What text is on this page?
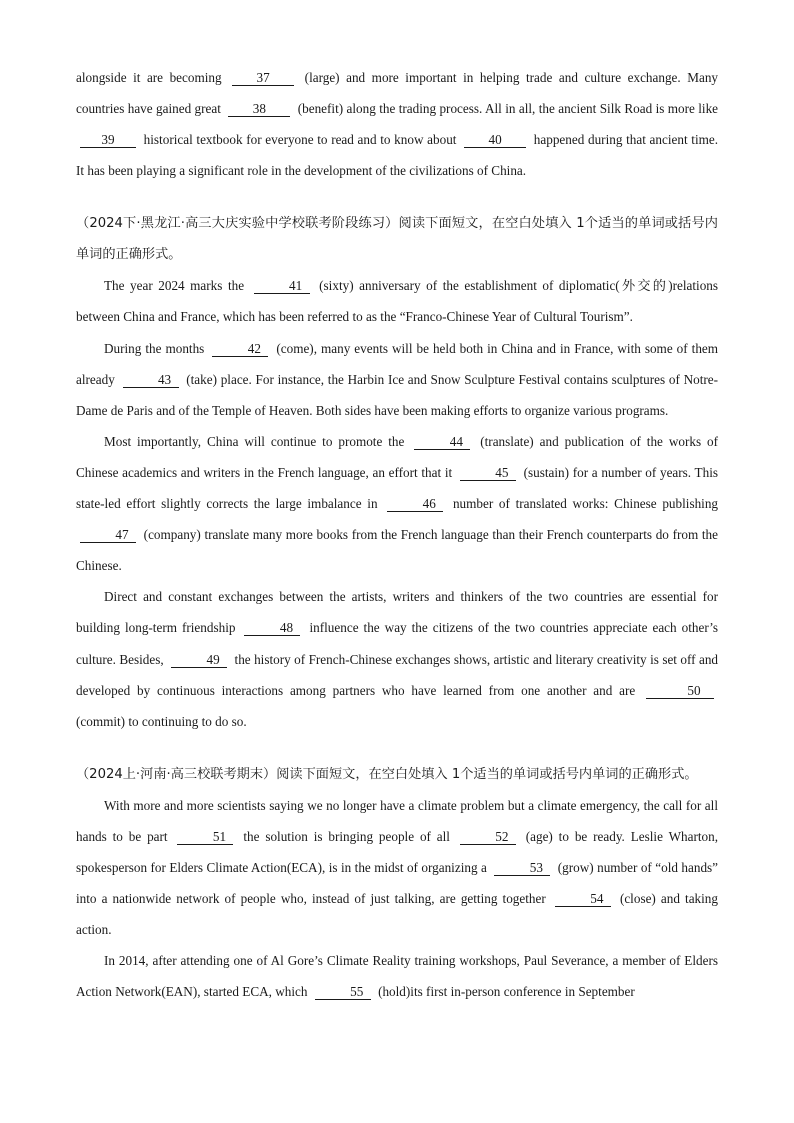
alongside it are becoming	37	(large) and more important in helping trade and culture exchange. Many countries have gained great 38 (benefit) along the trading process. All in all, the ancient Silk Road is more like 39 historical textbook for everyone to read and to know about 40 happened during that ancient time. It has been playing a significant role in the development of the civilizations of China.

（2024下·黑龙江·高三大庆实验中学校联考阶段练习）阅读下面短文，在空白处填入 1个适当的单词或括号内单词的正确形式。

The year 2024 marks the	41 (sixty) anniversary of the establishment of diplomatic(外交的)relations between China and France, which has been referred to as the “Franco-Chinese Year of Cultural Tourism”.

During the months	42 (come), many events will be held both in China and in France, with some of them already	43 (take) place. For instance, the Harbin Ice and Snow Sculpture Festival contains sculptures of Notre-Dame de Paris and of the Temple of Heaven. Both sides have been making efforts to organize various programs.

Most importantly, China will continue to promote the	44 (translate) and publication of the works of Chinese academics and writers in the French language, an effort that it	45 (sustain) for a number of years. This state-led effort slightly corrects the large imbalance in	46 number of translated works: Chinese publishing 47 (company) translate many more books from the French language than their French counterparts do from the Chinese.

Direct and constant exchanges between the artists, writers and thinkers of the two countries are essential for building long-term friendship	48 influence the way the citizens of the two countries appreciate each other’s culture. Besides,	49 the history of French-Chinese exchanges shows, artistic and literary creativity is set off and developed by continuous interactions among partners who have learned from one another and are	50 (commit) to continuing to do so.

（2024上·河南·高三校联考期末）阅读下面短文，在空白处填入 1个适当的单词或括号内单词的正确形式。

With more and more scientists saying we no longer have a climate problem but a climate emergency, the call for all hands to be part	51 the solution is bringing people of all	52 (age) to be ready. Leslie Wharton, spokesperson for Elders Climate Action(ECA), is in the midst of organizing a	53 (grow) number of “old hands” into a nationwide network of people who, instead of just talking, are getting together	54 (close) and taking action.

In 2014, after attending one of Al Gore’s Climate Reality training workshops, Paul Severance, a member of Elders Action Network(EAN), started ECA, which	55 (hold)its first in-person conference in September
